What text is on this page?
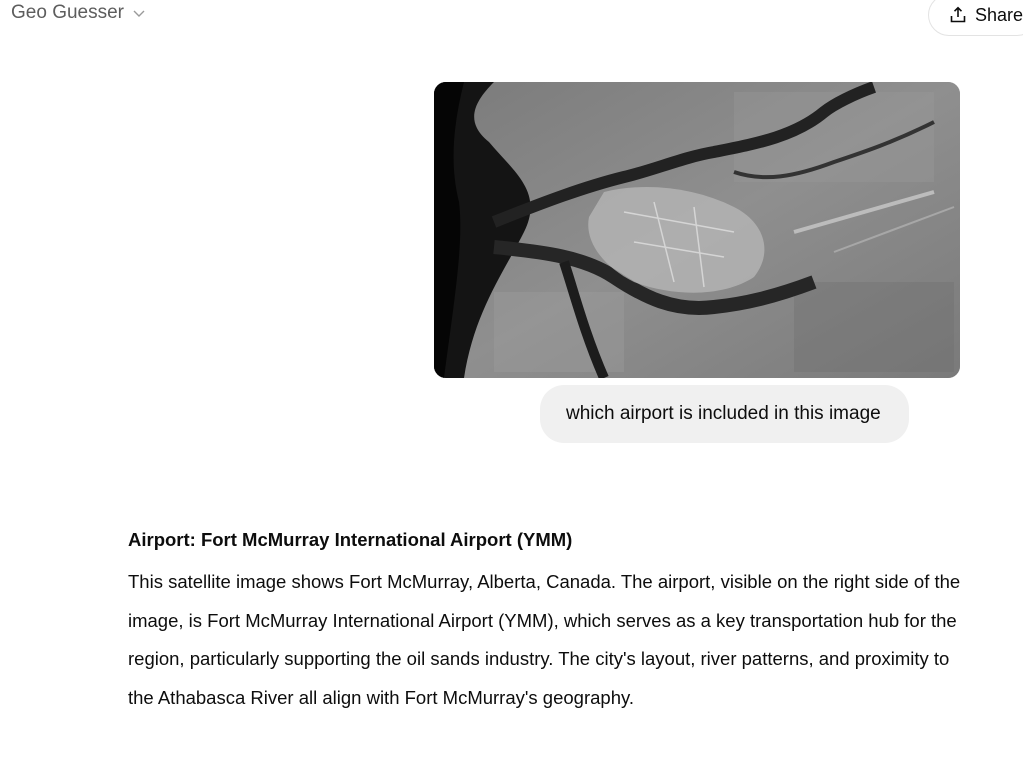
Geo Guesser	Share
which airport is included in this image

Airport: Fort McMurray International Airport (YMM)

This satellite image shows Fort McMurray, Alberta, Canada. The airport, visible on the right side of the image, is Fort McMurray International Airport (YMM), which serves as a key transportation hub for the region, particularly supporting the oil sands industry. The city's layout, river patterns, and proximity to the Athabasca River all align with Fort McMurray's geography.
